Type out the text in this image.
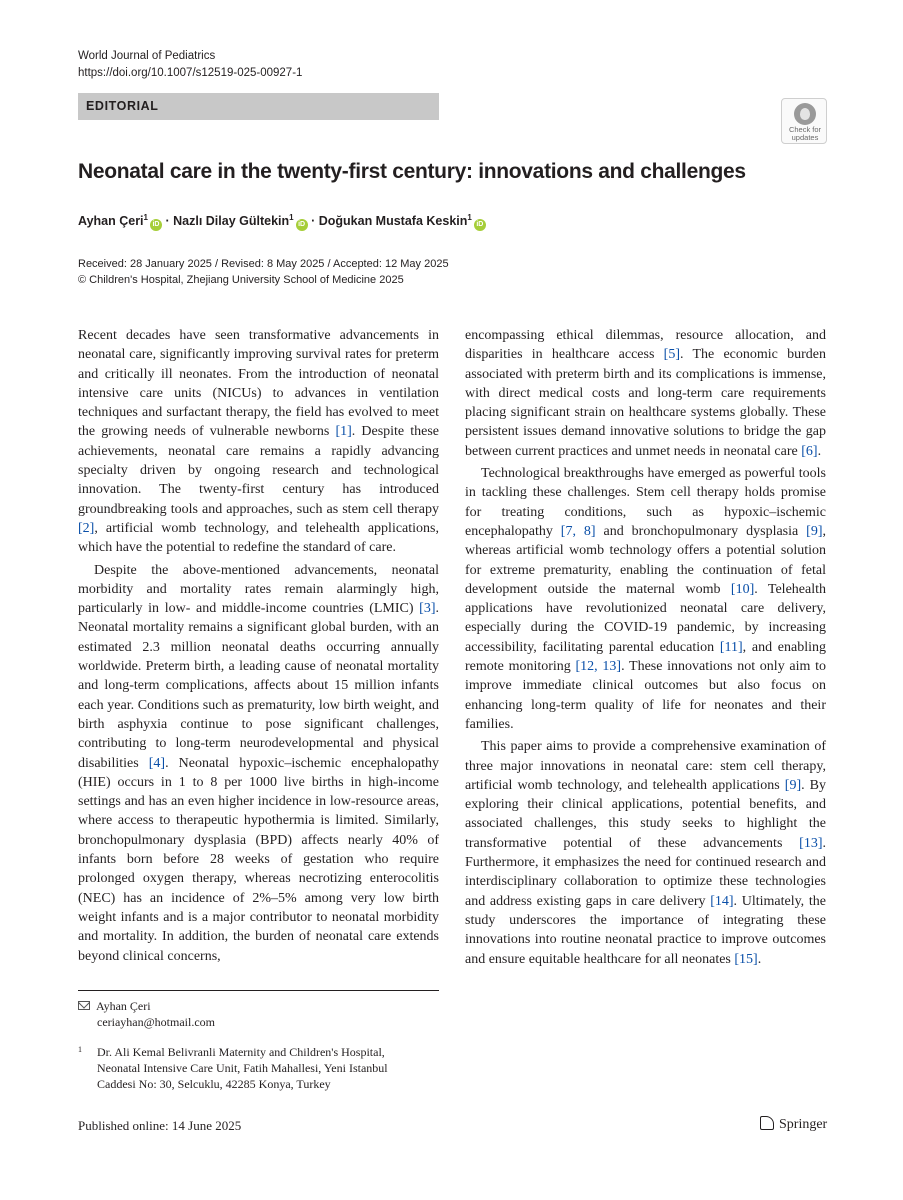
World Journal of Pediatrics
https://doi.org/10.1007/s12519-025-00927-1
EDITORIAL
Check for
updates
Neonatal care in the twenty-first century: innovations and challenges
Ayhan Çeri$^1$iD · Nazlı Dilay Gültekin$^1$iD · Doğukan Mustafa Keskin$^1$iD
Received: 28 January 2025 / Revised: 8 May 2025 / Accepted: 12 May 2025
© Children's Hospital, Zhejiang University School of Medicine 2025

Recent decades have seen transformative advancements in neonatal care, significantly improving survival rates for preterm and critically ill neonates. From the introduction of neonatal intensive care units (NICUs) to advances in ventilation techniques and surfactant therapy, the field has evolved to meet the growing needs of vulnerable newborns [1]. Despite these achievements, neonatal care remains a rapidly advancing specialty driven by ongoing research and technological innovation. The twenty-first century has introduced groundbreaking tools and approaches, such as stem cell therapy [2], artificial womb technology, and telehealth applications, which have the potential to redefine the standard of care.

Despite the above-mentioned advancements, neonatal morbidity and mortality rates remain alarmingly high, particularly in low- and middle-income countries (LMIC) [3]. Neonatal mortality remains a significant global burden, with an estimated 2.3 million neonatal deaths occurring annually worldwide. Preterm birth, a leading cause of neonatal mortality and long-term complications, affects about 15 million infants each year. Conditions such as prematurity, low birth weight, and birth asphyxia continue to pose significant challenges, contributing to long-term neurodevelopmental and physical disabilities [4]. Neonatal hypoxic–ischemic encephalopathy (HIE) occurs in 1 to 8 per 1000 live births in high-income settings and has an even higher incidence in low-resource areas, where access to therapeutic hypothermia is limited. Similarly, bronchopulmonary dysplasia (BPD) affects nearly 40% of infants born before 28 weeks of gestation who require prolonged oxygen therapy, whereas necrotizing enterocolitis (NEC) has an incidence of 2%–5% among very low birth weight infants and is a major contributor to neonatal morbidity and mortality. In addition, the burden of neonatal care extends beyond clinical concerns,

encompassing ethical dilemmas, resource allocation, and disparities in healthcare access [5]. The economic burden associated with preterm birth and its complications is immense, with direct medical costs and long-term care requirements placing significant strain on healthcare systems globally. These persistent issues demand innovative solutions to bridge the gap between current practices and unmet needs in neonatal care [6].

Technological breakthroughs have emerged as powerful tools in tackling these challenges. Stem cell therapy holds promise for treating conditions, such as hypoxic–ischemic encephalopathy [7, 8] and bronchopulmonary dysplasia [9], whereas artificial womb technology offers a potential solution for extreme prematurity, enabling the continuation of fetal development outside the maternal womb [10]. Telehealth applications have revolutionized neonatal care delivery, especially during the COVID-19 pandemic, by increasing accessibility, facilitating parental education [11], and enabling remote monitoring [12, 13]. These innovations not only aim to improve immediate clinical outcomes but also focus on enhancing long-term quality of life for neonates and their families.

This paper aims to provide a comprehensive examination of three major innovations in neonatal care: stem cell therapy, artificial womb technology, and telehealth applications [9]. By exploring their clinical applications, potential benefits, and associated challenges, this study seeks to highlight the transformative potential of these advancements [13]. Furthermore, it emphasizes the need for continued research and interdisciplinary collaboration to optimize these technologies and address existing gaps in care delivery [14]. Ultimately, the study underscores the importance of integrating these innovations into routine neonatal practice to improve outcomes and ensure equitable healthcare for all neonates [15].

Ayhan Çeri
ceriayhan@hotmail.com
1	Dr. Ali Kemal Belivranli Maternity and Children's Hospital,
Neonatal Intensive Care Unit, Fatih Mahallesi, Yeni Istanbul
Caddesi No: 30, Selcuklu, 42285 Konya, Turkey
Published online: 14 June 2025	Springer
